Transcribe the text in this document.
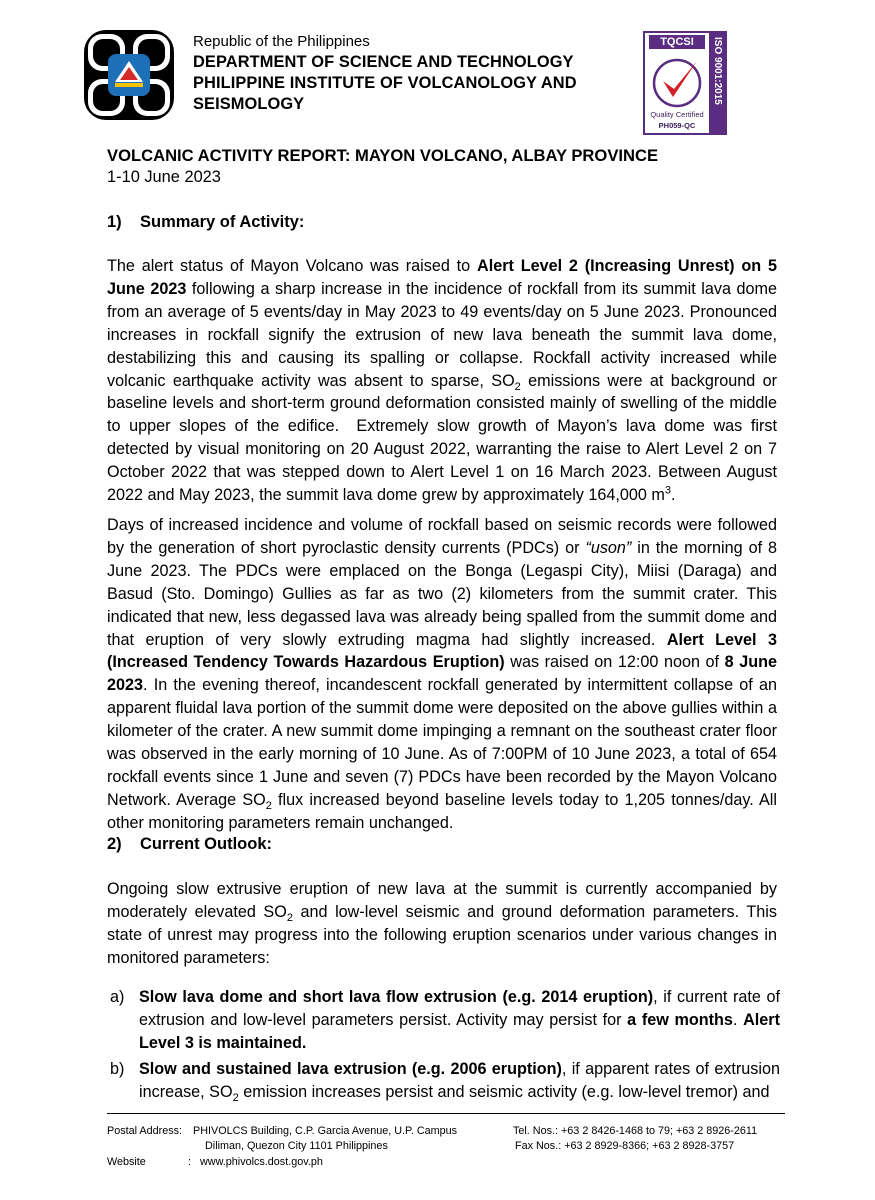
Republic of the Philippines
DEPARTMENT OF SCIENCE AND TECHNOLOGY
PHILIPPINE INSTITUTE OF VOLCANOLOGY AND
SEISMOLOGY
TQCSI	ISO 9001:2015
Quality Certified
PH059-QC
VOLCANIC ACTIVITY REPORT: MAYON VOLCANO, ALBAY PROVINCE
1-10 June 2023
1) Summary of Activity:

The alert status of Mayon Volcano was raised to Alert Level 2 (Increasing Unrest) on 5 June 2023 following a sharp increase in the incidence of rockfall from its summit lava dome from an average of 5 events/day in May 2023 to 49 events/day on 5 June 2023. Pronounced increases in rockfall signify the extrusion of new lava beneath the summit lava dome, destabilizing this and causing its spalling or collapse. Rockfall activity increased while volcanic earthquake activity was absent to sparse, $SO_2$ emissions were at background or baseline levels and short-term ground deformation consisted mainly of swelling of the middle to upper slopes of the edifice.  Extremely slow growth of Mayon’s lava dome was first detected by visual monitoring on 20 August 2022, warranting the raise to Alert Level 2 on 7 October 2022 that was stepped down to Alert Level 1 on 16 March 2023. Between August 2022 and May 2023, the summit lava dome grew by approximately 164,000 $m^3$.

Days of increased incidence and volume of rockfall based on seismic records were followed by the generation of short pyroclastic density currents (PDCs) or “uson” in the morning of 8 June 2023. The PDCs were emplaced on the Bonga (Legaspi City), Miisi (Daraga) and Basud (Sto. Domingo) Gullies as far as two (2) kilometers from the summit crater. This indicated that new, less degassed lava was already being spalled from the summit dome and that eruption of very slowly extruding magma had slightly increased. Alert Level 3 (Increased Tendency Towards Hazardous Eruption) was raised on 12:00 noon of 8 June 2023. In the evening thereof, incandescent rockfall generated by intermittent collapse of an apparent fluidal lava portion of the summit dome were deposited on the above gullies within a kilometer of the crater. A new summit dome impinging a remnant on the southeast crater floor was observed in the early morning of 10 June. As of 7:00PM of 10 June 2023, a total of 654 rockfall events since 1 June and seven (7) PDCs have been recorded by the Mayon Volcano Network. Average $SO_2$ flux increased beyond baseline levels today to 1,205 tonnes/day. All other monitoring parameters remain unchanged.

2) Current Outlook:

Ongoing slow extrusive eruption of new lava at the summit is currently accompanied by moderately elevated $SO_2$ and low-level seismic and ground deformation parameters. This state of unrest may progress into the following eruption scenarios under various changes in monitored parameters:

a) Slow lava dome and short lava flow extrusion (e.g. 2014 eruption), if current rate of extrusion and low-level parameters persist. Activity may persist for a few months. Alert Level 3 is maintained.
b) Slow and sustained lava extrusion (e.g. 2006 eruption), if apparent rates of extrusion increase, $SO_2$ emission increases persist and seismic activity (e.g. low-level tremor) and
Postal Address: PHIVOLCS Building, C.P. Garcia Avenue, U.P. Campus
Diliman, Quezon City 1101 Philippines
Website	: www.phivolcs.dost.gov.ph
Tel. Nos.: +63 2 8426-1468 to 79; +63 2 8926-2611
Fax Nos.: +63 2 8929-8366; +63 2 8928-3757
